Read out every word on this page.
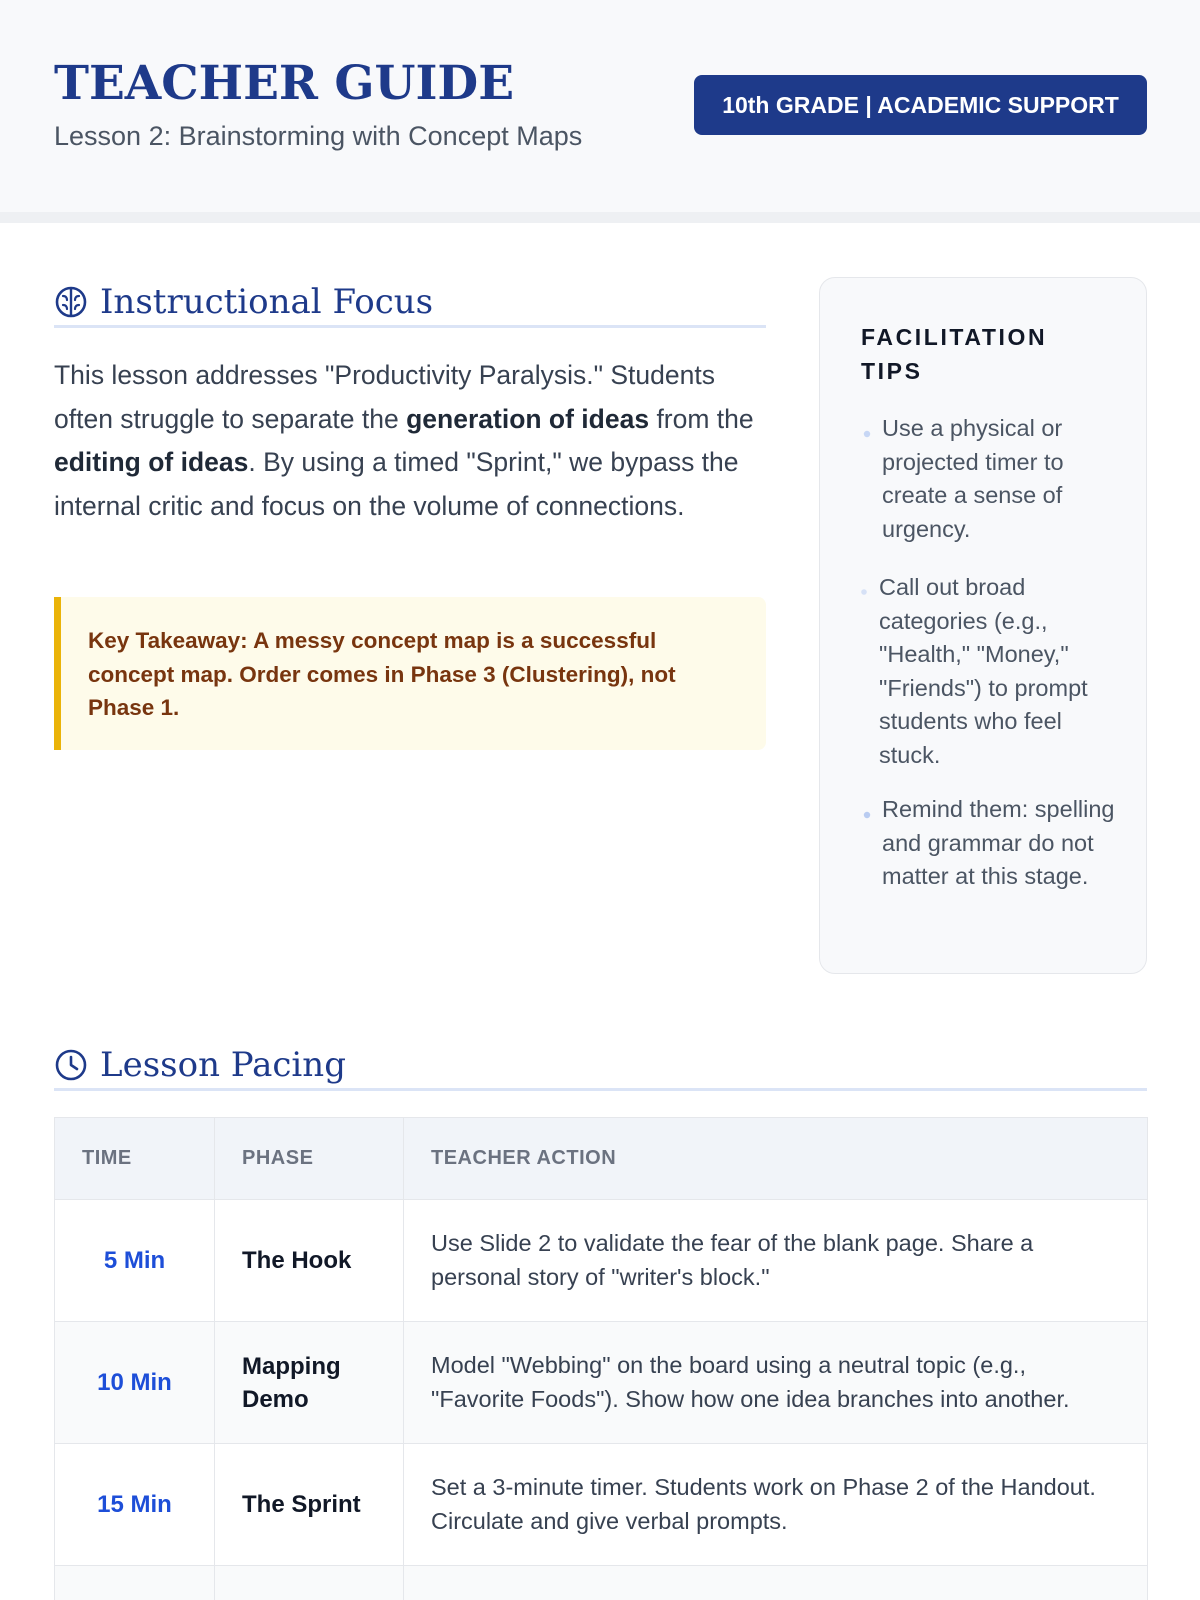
TEACHER GUIDE
Lesson 2: Brainstorming with Concept Maps
10th GRADE | ACADEMIC SUPPORT
Instructional Focus

This lesson addresses "Productivity Paralysis." Students often struggle to separate the generation of ideas from the editing of ideas. By using a timed "Sprint," we bypass the internal critic and focus on the volume of connections.

Key Takeaway: A messy concept map is a successful concept map. Order comes in Phase 3 (Clustering), not Phase 1.

FACILITATION TIPS
Use a physical or projected timer to create a sense of urgency.
Call out broad categories (e.g., "Health," "Money," "Friends") to prompt students who feel stuck.
Remind them: spelling and grammar do not matter at this stage.
Lesson Pacing
TIME	PHASE	TEACHER ACTION
5 Min	The Hook	Use Slide 2 to validate the fear of the blank page. Share a personal story of "writer's block."
10 Min	Mapping Demo	Model "Webbing" on the board using a neutral topic (e.g., "Favorite Foods"). Show how one idea branches into another.
15 Min	The Sprint	Set a 3-minute timer. Students work on Phase 2 of the Handout. Circulate and give verbal prompts.
